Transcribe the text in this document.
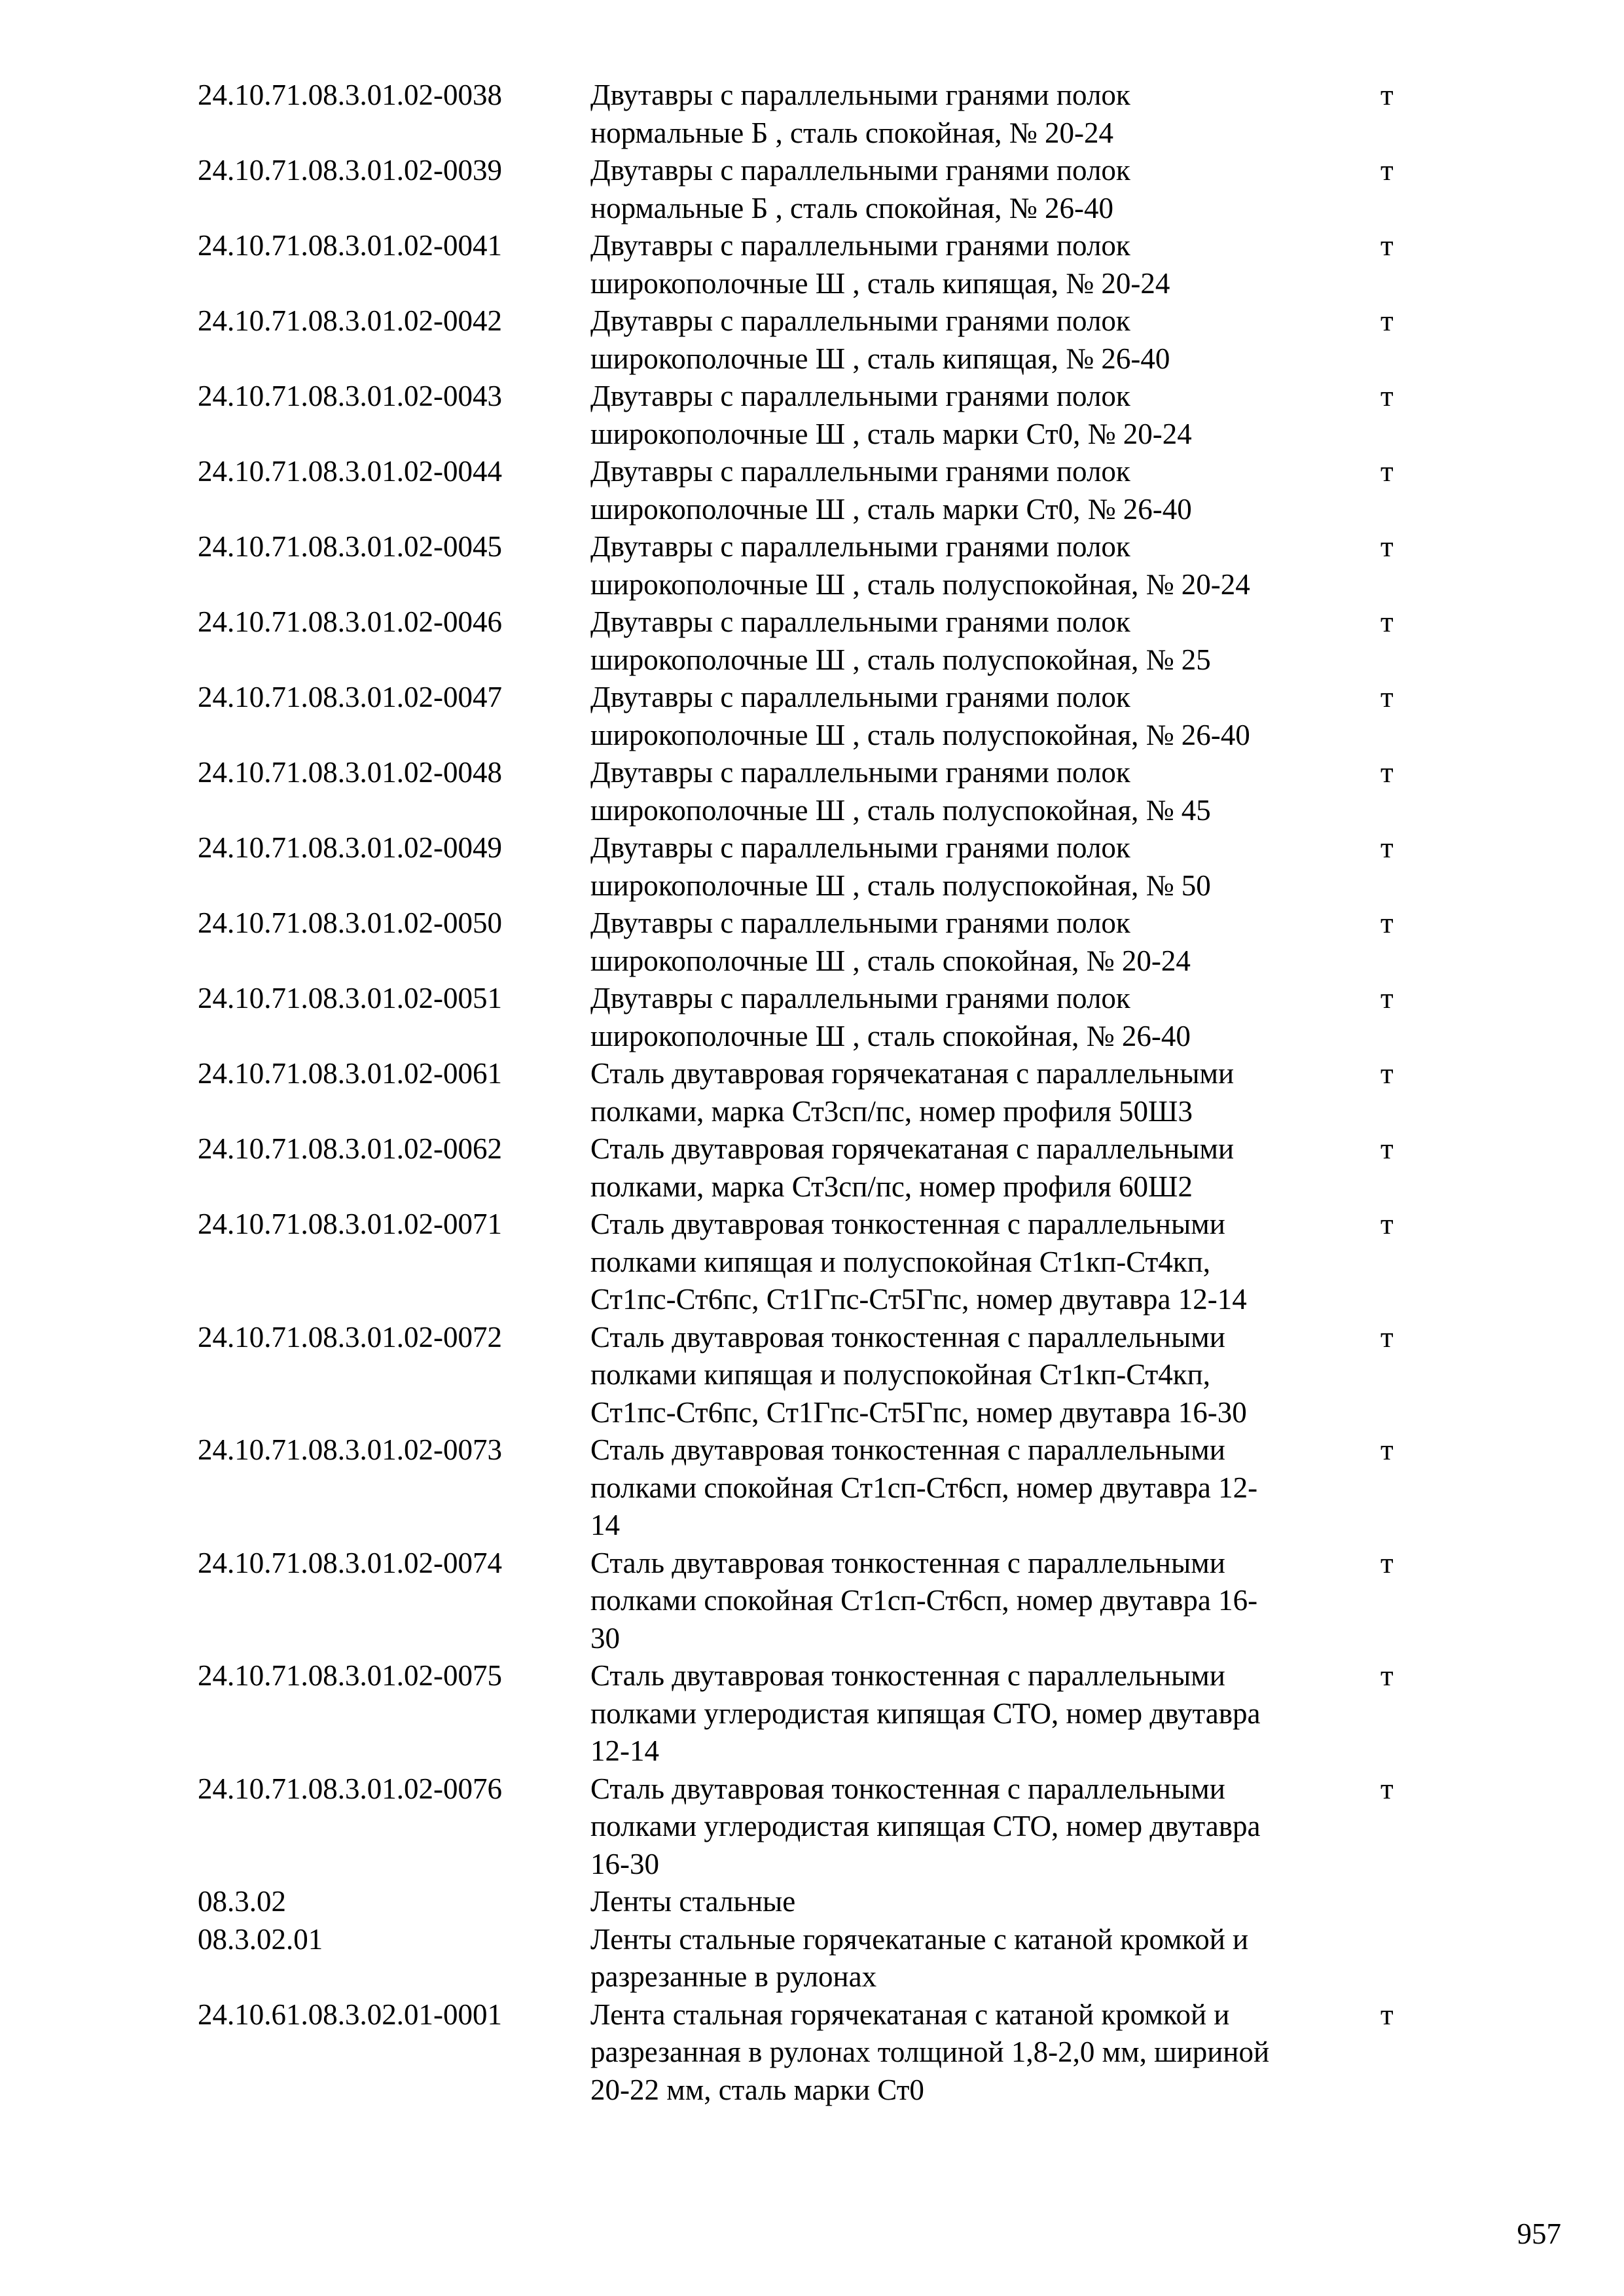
24.10.71.08.3.01.02-0038	Двутавры с параллельными гранями полок
нормальные Б , сталь спокойная, № 20-24
т
24.10.71.08.3.01.02-0039	Двутавры с параллельными гранями полок
нормальные Б , сталь спокойная, № 26-40
т
24.10.71.08.3.01.02-0041	Двутавры с параллельными гранями полок
широкополочные Ш , сталь кипящая, № 20-24
т
24.10.71.08.3.01.02-0042	Двутавры с параллельными гранями полок
широкополочные Ш , сталь кипящая, № 26-40
т
24.10.71.08.3.01.02-0043	Двутавры с параллельными гранями полок
широкополочные Ш , сталь марки Ст0, № 20-24
т
24.10.71.08.3.01.02-0044	Двутавры с параллельными гранями полок
широкополочные Ш , сталь марки Ст0, № 26-40
т
24.10.71.08.3.01.02-0045	Двутавры с параллельными гранями полок
широкополочные Ш , сталь полуспокойная, № 20-24
т
24.10.71.08.3.01.02-0046	Двутавры с параллельными гранями полок
широкополочные Ш , сталь полуспокойная, № 25
т
24.10.71.08.3.01.02-0047	Двутавры с параллельными гранями полок
широкополочные Ш , сталь полуспокойная, № 26-40
т
24.10.71.08.3.01.02-0048	Двутавры с параллельными гранями полок
широкополочные Ш , сталь полуспокойная, № 45
т
24.10.71.08.3.01.02-0049	Двутавры с параллельными гранями полок
широкополочные Ш , сталь полуспокойная, № 50
т
24.10.71.08.3.01.02-0050	Двутавры с параллельными гранями полок
широкополочные Ш , сталь спокойная, № 20-24
т
24.10.71.08.3.01.02-0051	Двутавры с параллельными гранями полок
широкополочные Ш , сталь спокойная, № 26-40
т
24.10.71.08.3.01.02-0061	Сталь двутавровая горячекатаная с параллельными
полками, марка Ст3сп/пс, номер профиля 50Ш3
т
24.10.71.08.3.01.02-0062	Сталь двутавровая горячекатаная с параллельными
полками, марка Ст3сп/пс, номер профиля 60Ш2
т
24.10.71.08.3.01.02-0071	Сталь двутавровая тонкостенная с параллельными
полками кипящая и полуспокойная Ст1кп-Ст4кп,
Ст1пс-Ст6пс, Ст1Гпс-Ст5Гпс, номер двутавра 12-14
т
24.10.71.08.3.01.02-0072	Сталь двутавровая тонкостенная с параллельными
полками кипящая и полуспокойная Ст1кп-Ст4кп,
Ст1пс-Ст6пс, Ст1Гпс-Ст5Гпс, номер двутавра 16-30
т
24.10.71.08.3.01.02-0073	Сталь двутавровая тонкостенная с параллельными
полками спокойная Ст1сп-Ст6сп, номер двутавра 12-
14
т
24.10.71.08.3.01.02-0074	Сталь двутавровая тонкостенная с параллельными
полками спокойная Ст1сп-Ст6сп, номер двутавра 16-
30
т
24.10.71.08.3.01.02-0075	Сталь двутавровая тонкостенная с параллельными
полками углеродистая кипящая СТО, номер двутавра
12-14
т
24.10.71.08.3.01.02-0076	Сталь двутавровая тонкостенная с параллельными
полками углеродистая кипящая СТО, номер двутавра
16-30
т
08.3.02	Ленты стальные
08.3.02.01	Ленты стальные горячекатаные с катаной кромкой и
разрезанные в рулонах
24.10.61.08.3.02.01-0001	Лента стальная горячекатаная с катаной кромкой и
разрезанная в рулонах толщиной 1,8-2,0 мм, шириной
20-22 мм, сталь марки Ст0
т
957
